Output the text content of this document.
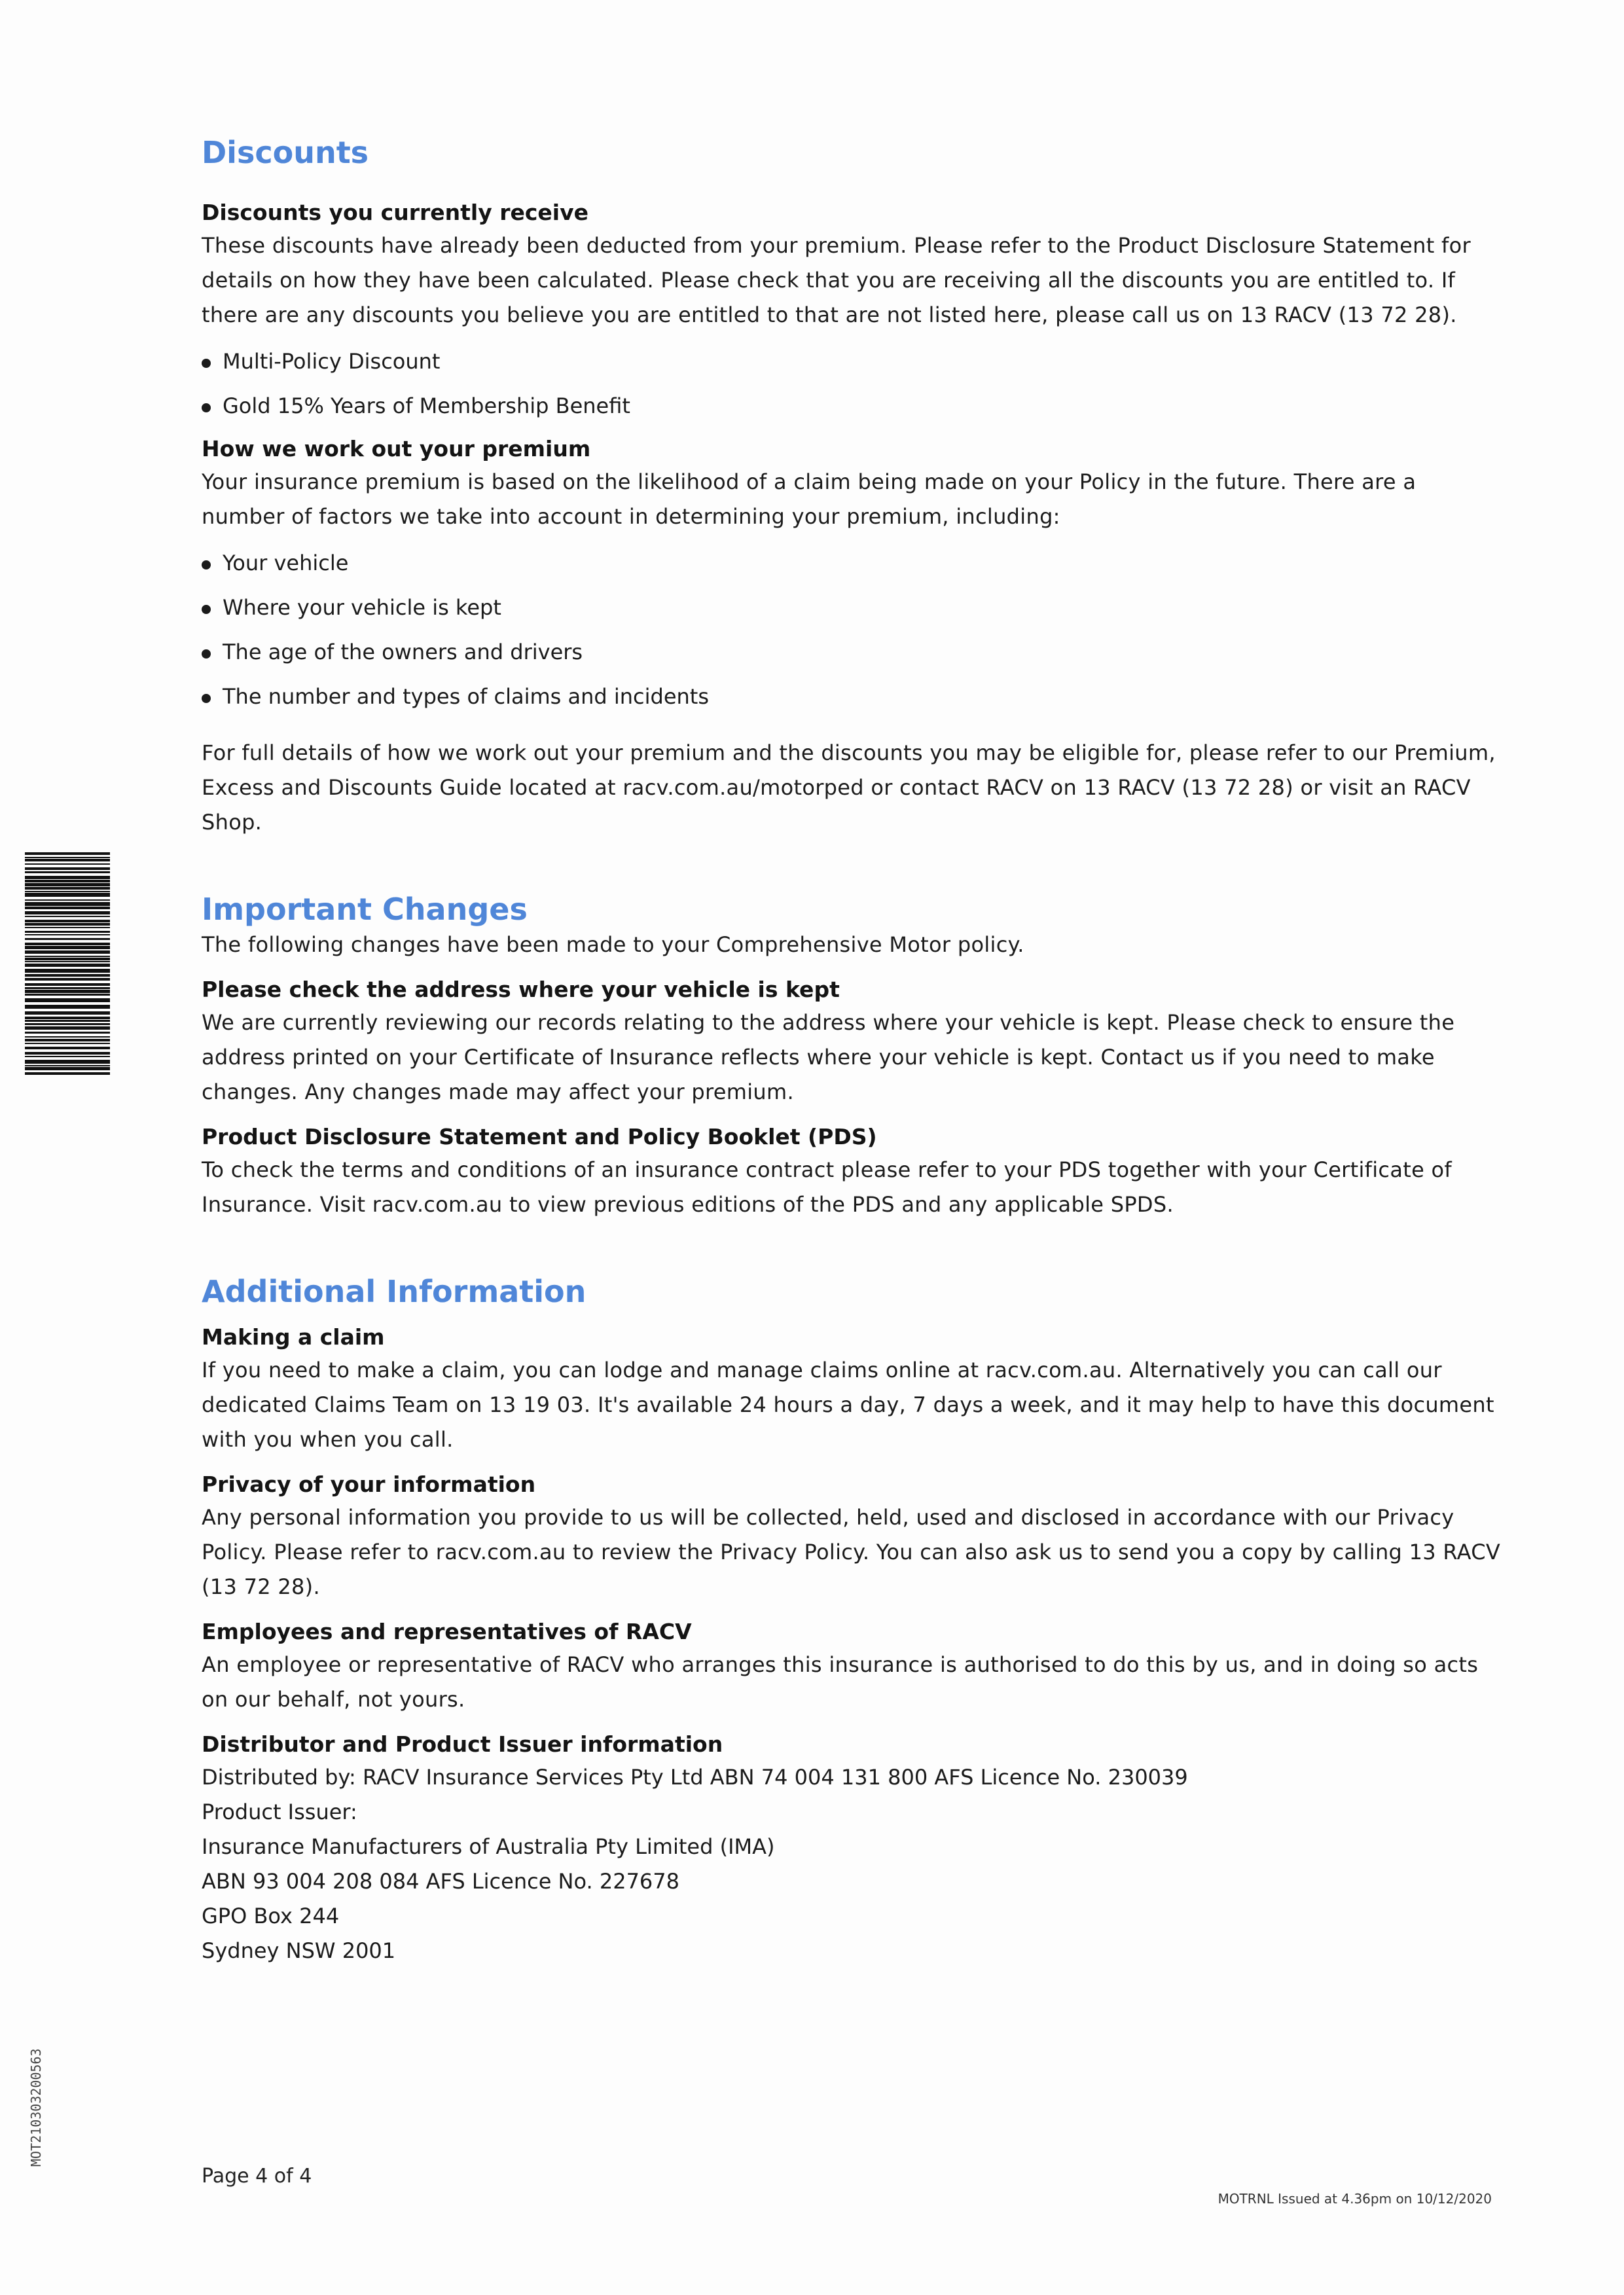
Discounts
Discounts you currently receive

These discounts have already been deducted from your premium. Please refer to the Product Disclosure Statement for details on how they have been calculated. Please check that you are receiving all the discounts you are entitled to. If there are any discounts you believe you are entitled to that are not listed here, please call us on 13 RACV (13 72 28).

Multi-Policy Discount
Gold 15% Years of Membership Benefit
How we work out your premium

Your insurance premium is based on the likelihood of a claim being made on your Policy in the future. There are a number of factors we take into account in determining your premium, including:

Your vehicle
Where your vehicle is kept
The age of the owners and drivers
The number and types of claims and incidents

For full details of how we work out your premium and the discounts you may be eligible for, please refer to our Premium, Excess and Discounts Guide located at racv.com.au/motorped or contact RACV on 13 RACV (13 72 28) or visit an RACV Shop.

Important Changes

The following changes have been made to your Comprehensive Motor policy.

Please check the address where your vehicle is kept

We are currently reviewing our records relating to the address where your vehicle is kept. Please check to ensure the address printed on your Certificate of Insurance reflects where your vehicle is kept. Contact us if you need to make changes. Any changes made may affect your premium.

Product Disclosure Statement and Policy Booklet (PDS)

To check the terms and conditions of an insurance contract please refer to your PDS together with your Certificate of Insurance. Visit racv.com.au to view previous editions of the PDS and any applicable SPDS.

Additional Information
Making a claim

If you need to make a claim, you can lodge and manage claims online at racv.com.au. Alternatively you can call our dedicated Claims Team on 13 19 03. It's available 24 hours a day, 7 days a week, and it may help to have this document with you when you call.

Privacy of your information

Any personal information you provide to us will be collected, held, used and disclosed in accordance with our Privacy Policy. Please refer to racv.com.au to review the Privacy Policy. You can also ask us to send you a copy by calling 13 RACV (13 72 28).

Employees and representatives of RACV

An employee or representative of RACV who arranges this insurance is authorised to do this by us, and in doing so acts on our behalf, not yours.

Distributor and Product Issuer information
Distributed by: RACV Insurance Services Pty Ltd ABN 74 004 131 800 AFS Licence No. 230039
Product Issuer:
Insurance Manufacturers of Australia Pty Limited (IMA)
ABN 93 004 208 084 AFS Licence No. 227678
GPO Box 244
Sydney NSW 2001
MOT210303200563
Page 4 of 4
MOTRNL Issued at 4.36pm on 10/12/2020
